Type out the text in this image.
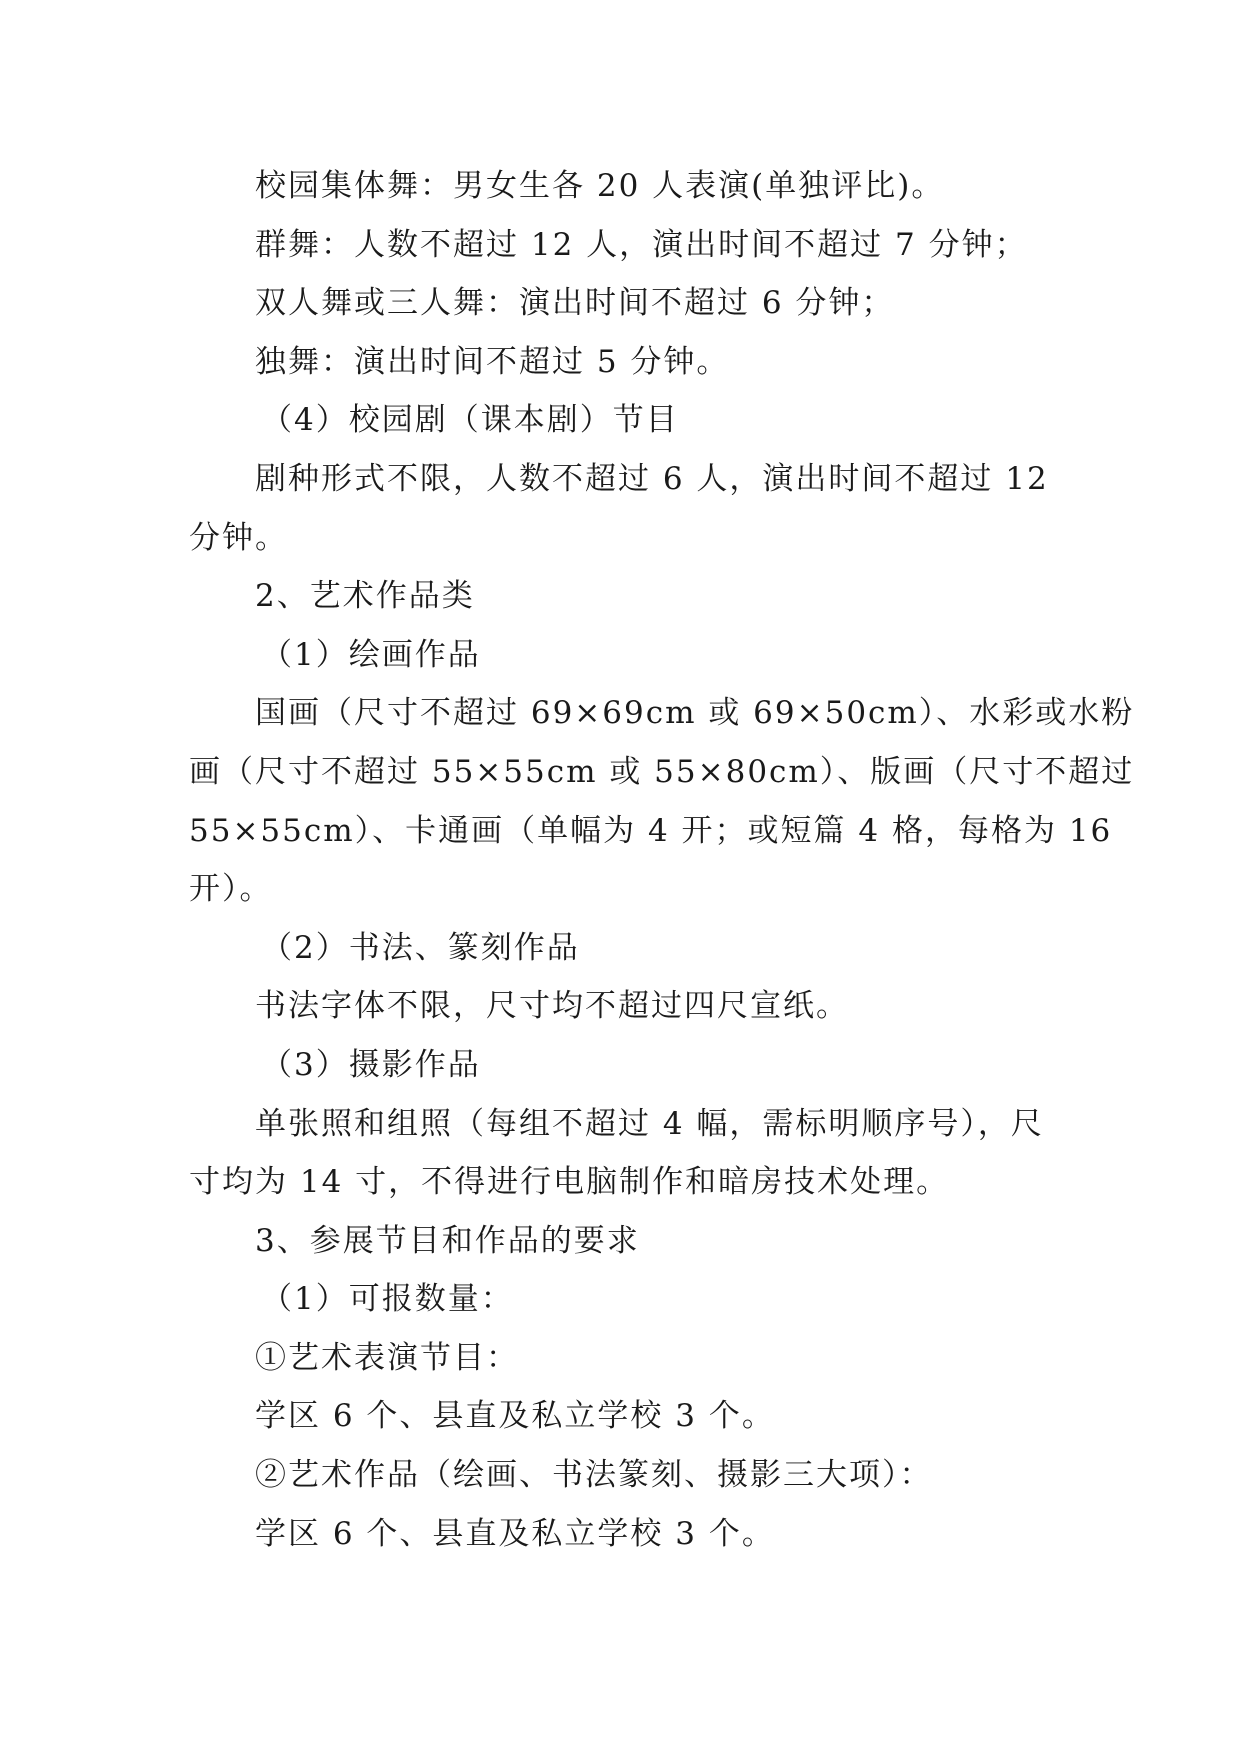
校园集体舞：男女生各 20 人表演(单独评比)。
群舞：人数不超过 12 人，演出时间不超过 7 分钟；
双人舞或三人舞：演出时间不超过 6 分钟；
独舞：演出时间不超过 5 分钟。
（4）校园剧（课本剧）节目
剧种形式不限，人数不超过 6 人，演出时间不超过 12
分钟。
2、艺术作品类
（1）绘画作品
国画（尺寸不超过 69×69cm 或 69×50cm）、水彩或水粉
画（尺寸不超过 55×55cm 或 55×80cm）、版画（尺寸不超过
55×55cm）、卡通画（单幅为 4 开；或短篇 4 格，每格为 16
开）。
（2）书法、篆刻作品
书法字体不限，尺寸均不超过四尺宣纸。
（3）摄影作品
单张照和组照（每组不超过 4 幅，需标明顺序号），尺
寸均为 14 寸，不得进行电脑制作和暗房技术处理。
3、参展节目和作品的要求
（1）可报数量：
①艺术表演节目：
学区 6 个、县直及私立学校 3 个。
②艺术作品（绘画、书法篆刻、摄影三大项）：
学区 6 个、县直及私立学校 3 个。
